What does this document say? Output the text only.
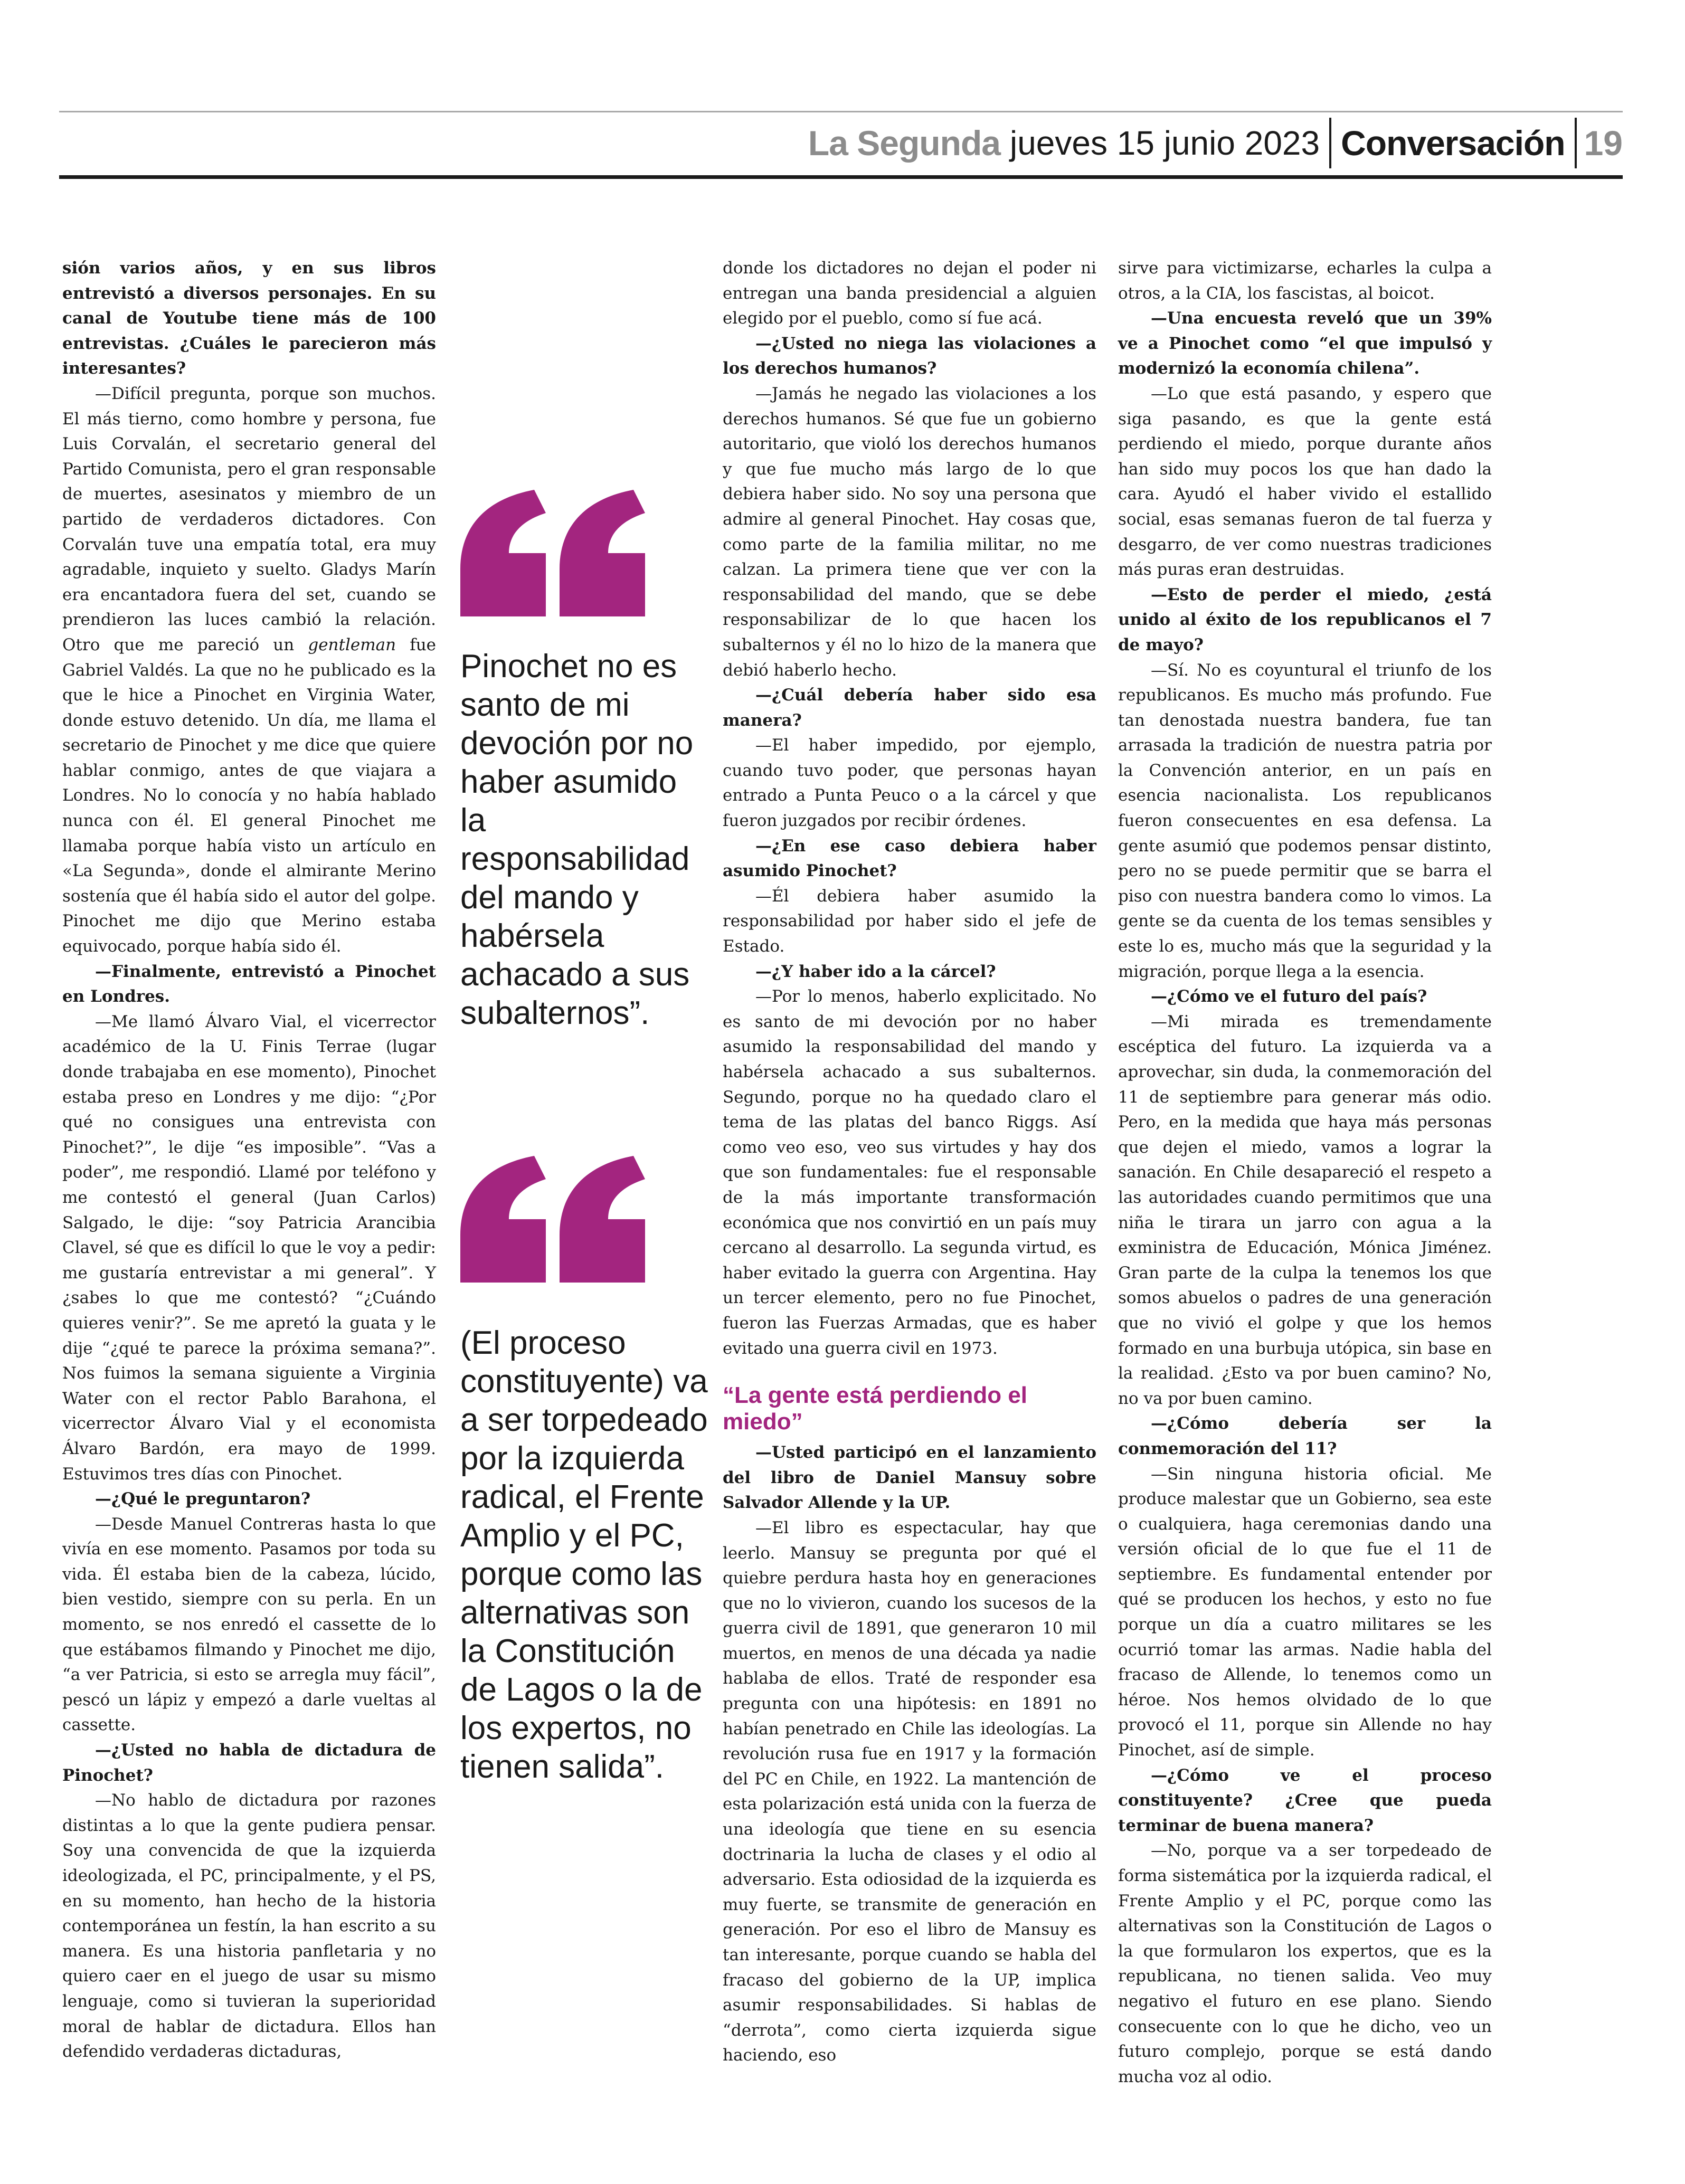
La Segunda jueves 15 junio 2023 Conversación 19

sión varios años, y en sus libros entrevistó a diversos personajes. En su canal de Youtube tiene más de 100 entrevistas. ¿Cuáles le parecieron más interesantes?

—Difícil pregunta, porque son muchos. El más tierno, como hombre y persona, fue Luis Corvalán, el secretario general del Partido Comunista, pero el gran responsable de muertes, asesinatos y miembro de un partido de verdaderos dictadores. Con Corvalán tuve una empatía total, era muy agradable, inquieto y suelto. Gladys Marín era encantadora fuera del set, cuando se prendieron las luces cambió la relación. Otro que me pareció un gentleman fue Gabriel Valdés. La que no he publicado es la que le hice a Pinochet en Virginia Water, donde estuvo detenido. Un día, me llama el secretario de Pinochet y me dice que quiere hablar conmigo, antes de que viajara a Londres. No lo conocía y no había hablado nunca con él. El general Pinochet me llamaba porque había visto un artículo en «La Segunda», donde el almirante Merino sostenía que él había sido el autor del golpe. Pinochet me dijo que Merino estaba equivocado, porque había sido él.

—Finalmente, entrevistó a Pinochet en Londres.

—Me llamó Álvaro Vial, el vicerrector académico de la U. Finis Terrae (lugar donde trabajaba en ese momento), Pinochet estaba preso en Londres y me dijo: “¿Por qué no consigues una entrevista con Pinochet?”, le dije “es imposible”. “Vas a poder”, me respondió. Llamé por teléfono y me contestó el general (Juan Carlos) Salgado, le dije: “soy Patricia Arancibia Clavel, sé que es difícil lo que le voy a pedir: me gustaría entrevistar a mi general”. Y ¿sabes lo que me contestó? “¿Cuándo quieres venir?”. Se me apretó la guata y le dije “¿qué te parece la próxima semana?”. Nos fuimos la semana siguiente a Virginia Water con el rector Pablo Barahona, el vicerrector Álvaro Vial y el economista Álvaro Bardón, era mayo de 1999. Estuvimos tres días con Pinochet.

—¿Qué le preguntaron?

—Desde Manuel Contreras hasta lo que vivía en ese momento. Pasamos por toda su vida. Él estaba bien de la cabeza, lúcido, bien vestido, siempre con su perla. En un momento, se nos enredó el cassette de lo que estábamos filmando y Pinochet me dijo, “a ver Patricia, si esto se arregla muy fácil”, pescó un lápiz y empezó a darle vueltas al cassette.

—¿Usted no habla de dictadura de Pinochet?

—No hablo de dictadura por razones distintas a lo que la gente pudiera pensar. Soy una convencida de que la izquierda ideologizada, el PC, principalmente, y el PS, en su momento, han hecho de la historia contemporánea un festín, la han escrito a su manera. Es una historia panfletaria y no quiero caer en el juego de usar su mismo lenguaje, como si tuvieran la superioridad moral de hablar de dictadura. Ellos han defendido verdaderas dictaduras,

Pinochet no es santo de mi devoción por no haber asumido la responsabilidad del mando y habérsela achacado a sus subalternos”.
(El proceso constituyente) va a ser torpedeado por la izquierda radical, el Frente Amplio y el PC, porque como las alternativas son la Constitución de Lagos o la de los expertos, no tienen salida”.

donde los dictadores no dejan el poder ni entregan una banda presidencial a alguien elegido por el pueblo, como sí fue acá.

—¿Usted no niega las violaciones a los derechos humanos?

—Jamás he negado las violaciones a los derechos humanos. Sé que fue un gobierno autoritario, que violó los derechos humanos y que fue mucho más largo de lo que debiera haber sido. No soy una persona que admire al general Pinochet. Hay cosas que, como parte de la familia militar, no me calzan. La primera tiene que ver con la responsabilidad del mando, que se debe responsabilizar de lo que hacen los subalternos y él no lo hizo de la manera que debió haberlo hecho.

—¿Cuál debería haber sido esa manera?

—El haber impedido, por ejemplo, cuando tuvo poder, que personas hayan entrado a Punta Peuco o a la cárcel y que fueron juzgados por recibir órdenes.

—¿En ese caso debiera haber asumido Pinochet?

—Él debiera haber asumido la responsabilidad por haber sido el jefe de Estado.

—¿Y haber ido a la cárcel?

—Por lo menos, haberlo explicitado. No es santo de mi devoción por no haber asumido la responsabilidad del mando y habérsela achacado a sus subalternos. Segundo, porque no ha quedado claro el tema de las platas del banco Riggs. Así como veo eso, veo sus virtudes y hay dos que son fundamentales: fue el responsable de la más importante transformación económica que nos convirtió en un país muy cercano al desarrollo. La segunda virtud, es haber evitado la guerra con Argentina. Hay un tercer elemento, pero no fue Pinochet, fueron las Fuerzas Armadas, que es haber evitado una guerra civil en 1973.

“La gente está perdiendo el miedo”

—Usted participó en el lanzamiento del libro de Daniel Mansuy sobre Salvador Allende y la UP.

—El libro es espectacular, hay que leerlo. Mansuy se pregunta por qué el quiebre perdura hasta hoy en generaciones que no lo vivieron, cuando los sucesos de la guerra civil de 1891, que generaron 10 mil muertos, en menos de una década ya nadie hablaba de ellos. Traté de responder esa pregunta con una hipótesis: en 1891 no habían penetrado en Chile las ideologías. La revolución rusa fue en 1917 y la formación del PC en Chile, en 1922. La mantención de esta polarización está unida con la fuerza de una ideología que tiene en su esencia doctrinaria la lucha de clases y el odio al adversario. Esta odiosidad de la izquierda es muy fuerte, se transmite de generación en generación. Por eso el libro de Mansuy es tan interesante, porque cuando se habla del fracaso del gobierno de la UP, implica asumir responsabilidades. Si hablas de “derrota”, como cierta izquierda sigue haciendo, eso

sirve para victimizarse, echarles la culpa a otros, a la CIA, los fascistas, al boicot.

—Una encuesta reveló que un 39% ve a Pinochet como “el que impulsó y modernizó la economía chilena”.

—Lo que está pasando, y espero que siga pasando, es que la gente está perdiendo el miedo, porque durante años han sido muy pocos los que han dado la cara. Ayudó el haber vivido el estallido social, esas semanas fueron de tal fuerza y desgarro, de ver como nuestras tradiciones más puras eran destruidas.

—Esto de perder el miedo, ¿está unido al éxito de los republicanos el 7 de mayo?

—Sí. No es coyuntural el triunfo de los republicanos. Es mucho más profundo. Fue tan denostada nuestra bandera, fue tan arrasada la tradición de nuestra patria por la Convención anterior, en un país en esencia nacionalista. Los republicanos fueron consecuentes en esa defensa. La gente asumió que podemos pensar distinto, pero no se puede permitir que se barra el piso con nuestra bandera como lo vimos. La gente se da cuenta de los temas sensibles y este lo es, mucho más que la seguridad y la migración, porque llega a la esencia.

—¿Cómo ve el futuro del país?

—Mi mirada es tremendamente escéptica del futuro. La izquierda va a aprovechar, sin duda, la conmemoración del 11 de septiembre para generar más odio. Pero, en la medida que haya más personas que dejen el miedo, vamos a lograr la sanación. En Chile desapareció el respeto a las autoridades cuando permitimos que una niña le tirara un jarro con agua a la exministra de Educación, Mónica Jiménez. Gran parte de la culpa la tenemos los que somos abuelos o padres de una generación que no vivió el golpe y que los hemos formado en una burbuja utópica, sin base en la realidad. ¿Esto va por buen camino? No, no va por buen camino.

—¿Cómo debería ser la conmemoración del 11?

—Sin ninguna historia oficial. Me produce malestar que un Gobierno, sea este o cualquiera, haga ceremonias dando una versión oficial de lo que fue el 11 de septiembre. Es fundamental entender por qué se producen los hechos, y esto no fue porque un día a cuatro militares se les ocurrió tomar las armas. Nadie habla del fracaso de Allende, lo tenemos como un héroe. Nos hemos olvidado de lo que provocó el 11, porque sin Allende no hay Pinochet, así de simple.

—¿Cómo ve el proceso constituyente? ¿Cree que pueda terminar de buena manera?

—No, porque va a ser torpedeado de forma sistemática por la izquierda radical, el Frente Amplio y el PC, porque como las alternativas son la Constitución de Lagos o la que formularon los expertos, que es la republicana, no tienen salida. Veo muy negativo el futuro en ese plano. Siendo consecuente con lo que he dicho, veo un futuro complejo, porque se está dando mucha voz al odio.
